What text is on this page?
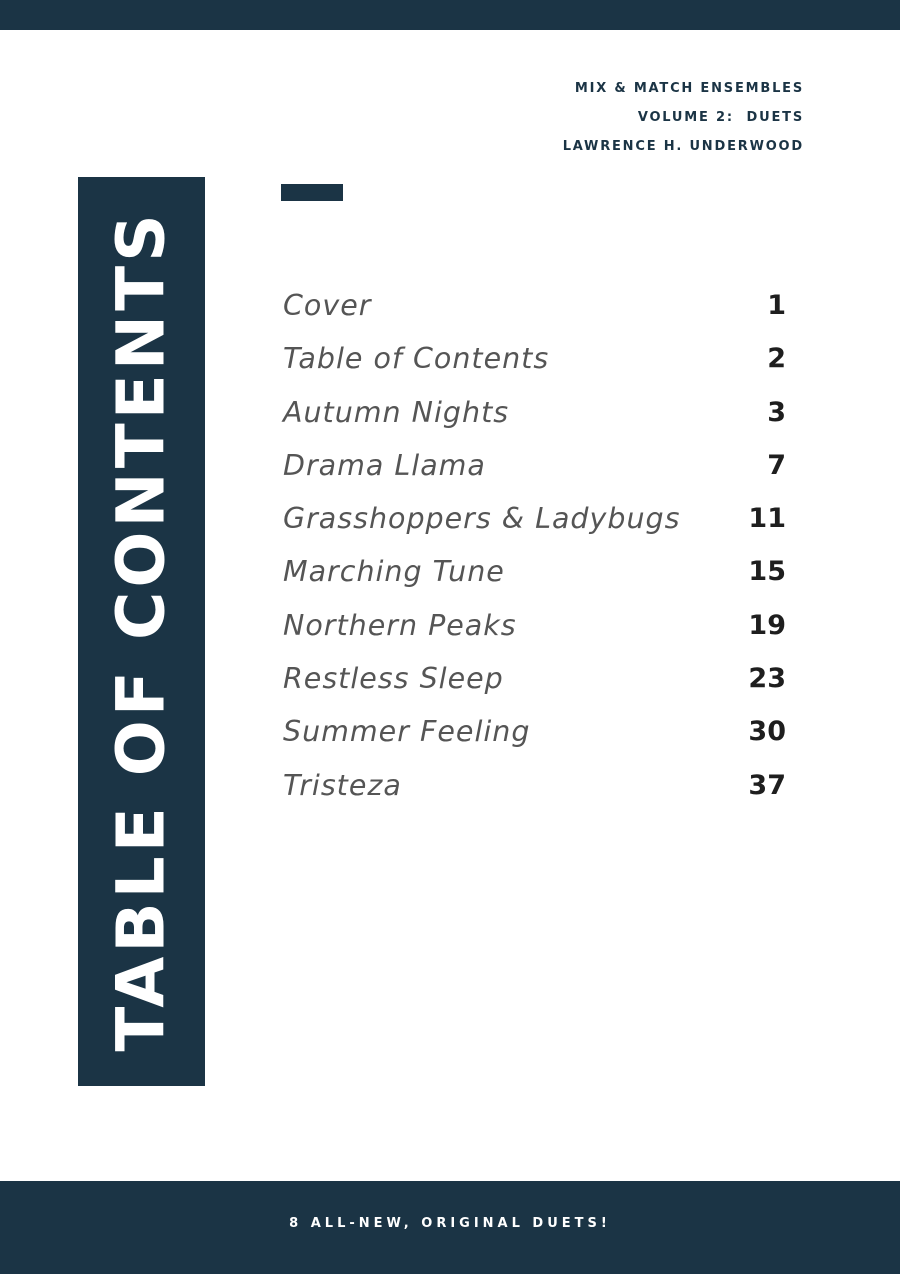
MIX & MATCH ENSEMBLES
VOLUME 2:  DUETS
LAWRENCE H. UNDERWOOD
TABLE OF CONTENTS	Cover	1
Table of Contents	2
Autumn Nights	3
Drama Llama	7
Grasshoppers & Ladybugs	11
Marching Tune	15
Northern Peaks	19
Restless Sleep	23
Summer Feeling	30
Tristeza	37
8 ALL-NEW, ORIGINAL DUETS!
